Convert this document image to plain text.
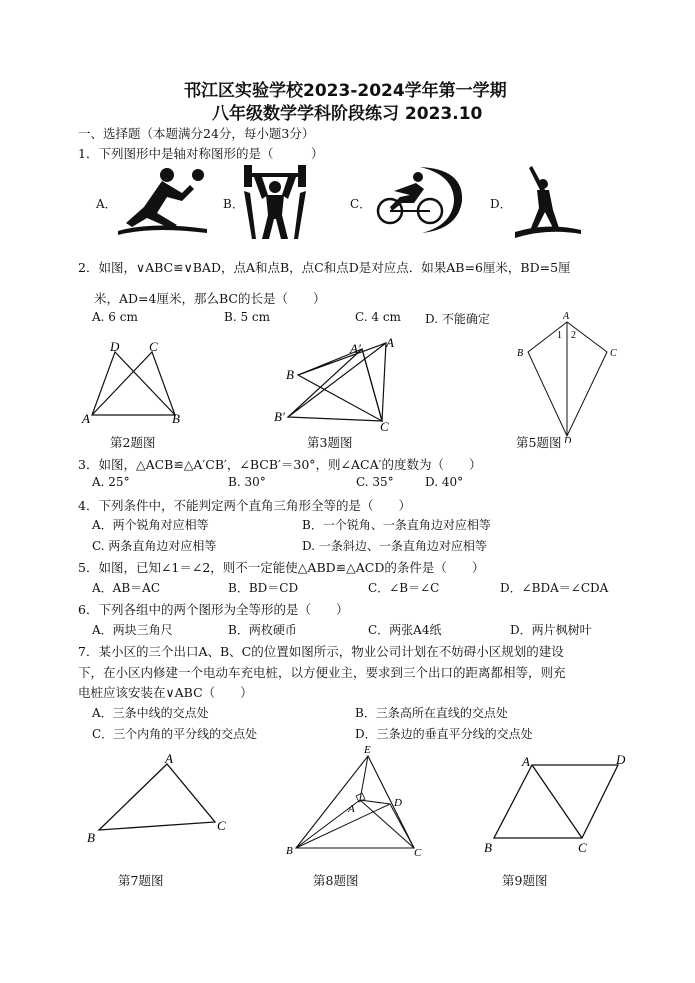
邗江区实验学校2023-2024学年第一学期
八年级数学学科阶段练习 2023.10
一、选择题（本题满分24分，每小题3分）
1．下列图形中是轴对称图形的是（　　　）
A．	B．	C．	D．
2．如图，∨ABC≌∨BAD，点A和点B，点C和点D是对应点．如果AB=6厘米，BD=5厘
米，AD=4厘米，那么BC的长是（　　）
A. 6 cm	B. 5 cm	C. 4 cm D. 不能确定
D C
A	B
第2题图
A′ A
B
B′
C
第3题图
A
1 2
B	C
D
第5题图
3．如图，△ACB≌△A′CB′，∠BCB′＝30°，则∠ACA′的度数为（　　）
A. 25°	B. 30°	C. 35°	D. 40°
4．下列条件中，不能判定两个直角三角形全等的是（　　）
A．两个锐角对应相等	B．一个锐角、一条直角边对应相等
C. 两条直角边对应相等	D. 一条斜边、一条直角边对应相等
5．如图，已知∠1＝∠2，则不一定能使△ABD≌△ACD的条件是（　　）
A．AB＝AC	B．BD＝CD	C．∠B＝∠C	D．∠BDA＝∠CDA
6．下列各组中的两个图形为全等形的是（　　）
A．两块三角尺	B．两枚硬币	C．两张A4纸	D．两片枫树叶
7．某小区的三个出口A、B、C的位置如图所示，物业公司计划在不妨碍小区规划的建设
下，在小区内修建一个电动车充电桩，以方便业主，要求到三个出口的距离都相等，则充
电桩应该安装在∨ABC（　　）
A．三条中线的交点处	B．三条高所在直线的交点处
C．三个内角的平分线的交点处	D．三条边的垂直平分线的交点处
A
B
C
第7题图
E
D
A
B	C
第8题图
A	D
B	C
第9题图
